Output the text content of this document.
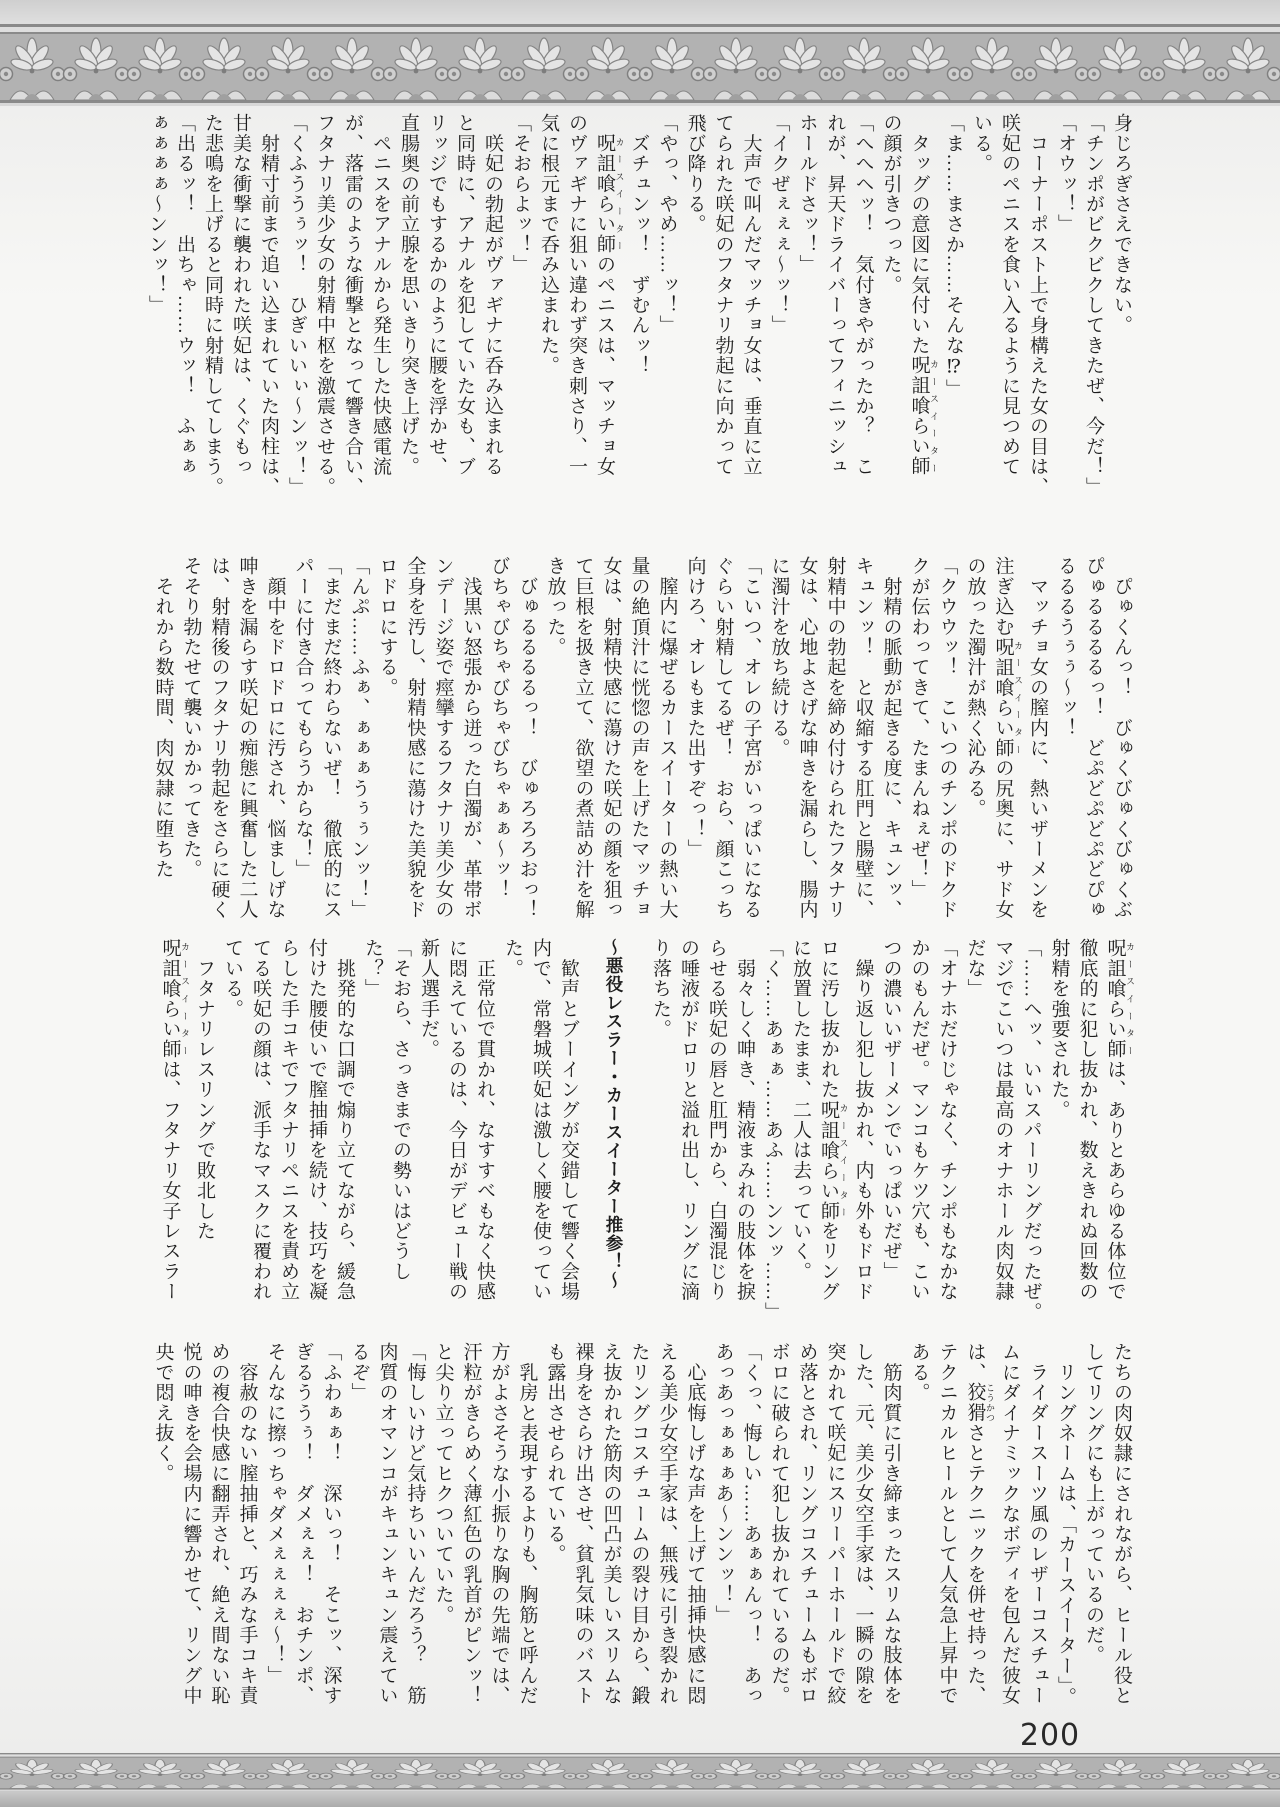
身じろぎさえできない。
「チンポがビクビクしてきたぜ、今だ！」
「オウッ！」
　コーナーポスト上で身構えた女の目は、
咲妃のペニスを食い入るように見つめて
いる。
「ま……まさか……そんな⁉」
　タッグの意図に気付いた呪詛喰らい師 カースイーター
の顔が引きつった。
「へへヘッ！　気付きやがったか？　こ
れが、昇天ドライバーってフィニッシュ
ホールドさッ！」
「イクぜぇぇぇ～ッ！」
　大声で叫んだマッチョ女は、垂直に立
てられた咲妃のフタナリ勃起に向かって
飛び降りる。
「やっ、やめ……ッ！」
　ズチュンッ！　ずむんッ！
　呪詛喰らい師 カースイーターのペニスは、マッチョ女
のヴァギナに狙い違わず突き刺さり、一
気に根元まで呑み込まれた。
「そおらよッ！」
　咲妃の勃起がヴァギナに呑み込まれる
と同時に、アナルを犯していた女も、ブ
リッジでもするかのように腰を浮かせ、
直腸奥の前立腺を思いきり突き上げた。
　ペニスをアナルから発生した快感電流
が、落雷のような衝撃となって響き合い、
フタナリ美少女の射精中枢を激震させる。
「くふううぅッ！　ひぎいいぃ～ンッ！」
　射精寸前まで追い込まれていた肉柱は、
甘美な衝撃に襲われた咲妃は、くぐもっ
た悲鳴を上げると同時に射精してしまう。
「出るッ！　出ちゃ……ウッ！　ふぁぁ
ぁぁぁぁ～ンンッ！」
　ぴゅくんっ！　びゅくびゅくびゅくぶ
ぴゅるるるるっ！　どぷどぷどぷどぴゅ
るるるうぅぅ～ッ！
　マッチョ女の膣内に、熱いザーメンを
注ぎ込む呪詛喰らい師 カースイーターの尻奥に、サド女
の放った濁汁が熱く沁みる。
「クウウッ！　こいつのチンポのドクド
クが伝わってきて、たまんねぇぜ！」
　射精の脈動が起きる度に、キュンッ、
キュンッ！　と収縮する肛門と腸壁に、
射精中の勃起を締め付けられたフタナリ
女は、心地よさげな呻きを漏らし、腸内
に濁汁を放ち続ける。
「こいつ、オレの子宮がいっぱいになる
ぐらい射精してるぜ！　おら、顔こっち
向けろ、オレもまた出すぞっ！」
　膣内に爆ぜるカースイーターの熱い大
量の絶頂汁に恍惚の声を上げたマッチョ
女は、射精快感に蕩けた咲妃の顔を狙っ
て巨根を扱き立て、欲望の煮詰め汁を解
き放った。
　びゅるるるるっ！　びゅろろろおっ！
びちゃびちゃびちゃびちゃぁぁ～ッ！
　浅黒い怒張から迸った白濁が、革帯ボ
ンデージ姿で痙攣するフタナリ美少女の
全身を汚し、射精快感に蕩けた美貌をド
ロドロにする。
「んぷ……ふぁ、ぁぁぁうぅぅンッ！」
「まだまだ終わらないぜ！　徹底的にス
パーに付き合ってもらうからな！」
　顔中をドロドロに汚され、悩ましげな
呻きを漏らす咲妃の痴態に興奮した二人
は、射精後のフタナリ勃起をさらに硬く
そそり勃たせて襲いかかってきた。
　それから数時間、肉奴隷に堕ちた
呪詛喰らい師 カースイーターは、ありとあらゆる体位で
徹底的に犯し抜かれ、数えきれぬ回数の
射精を強要された。
「……ヘッ、いいスパーリングだったぜ。
マジでこいつは最高のオナホール肉奴隷
だな」
「オナホだけじゃなく、チンポもなかな
かのもんだぜ。マンコもケツ穴も、こい
つの濃いいザーメンでいっぱいだぜ」
　繰り返し犯し抜かれ、内も外もドロド
ロに汚し抜かれた呪詛喰らい師 カースイーターをリング
に放置したまま、二人は去っていく。
「く……あぁぁ……あふ……ンンッ……」
　弱々しく呻き、精液まみれの肢体を捩
らせる咲妃の唇と肛門から、白濁混じり
の唾液がドロリと溢れ出し、リングに滴
り落ちた。
～悪役レスラー・カースイーター推参！～
　歓声とブーイングが交錯して響く会場
内で、常磐城咲妃は激しく腰を使ってい
た。
　正常位で貫かれ、なすすべもなく快感
に悶えているのは、今日がデビュー戦の
新人選手だ。
「そおら、さっきまでの勢いはどうし
た？」
　挑発的な口調で煽り立てながら、緩急
付けた腰使いで膣抽挿を続け、技巧を凝
らした手コキでフタナリペニスを責め立
てる咲妃の顔は、派手なマスクに覆われ
ている。
　フタナリレスリングで敗北した
呪詛喰らい師 カースイーターは、フタナリ女子レスラー
たちの肉奴隷にされながら、ヒール役と
してリングにも上がっているのだ。
　リングネームは、「カースイーター」。
　ライダースーツ風のレザーコスチュー
ムにダイナミックなボディを包んだ彼女
は、狡猾 こうかつさとテクニックを併せ持った、
テクニカルヒールとして人気急上昇中で
ある。
　筋肉質に引き締まったスリムな肢体を
した、元、美少女空手家は、一瞬の隙を
突かれて咲妃にスリーパーホールドで絞
め落とされ、リングコスチュームもボロ
ボロに破られて犯し抜かれているのだ。
「くっ、悔しい……あぁぁんっ！　あっ
あっあっぁぁぁあ～ンンッ！」
　心底悔しげな声を上げて抽挿快感に悶
える美少女空手家は、無残に引き裂かれ
たリングコスチュームの裂け目から、鍛
え抜かれた筋肉の凹凸が美しいスリムな
裸身をさらけ出させ、貧乳気味のバスト
も露出させられている。
　乳房と表現するよりも、胸筋と呼んだ
方がよさそうな小振りな胸の先端では、
汗粒がきらめく薄紅色の乳首がピンッ！
と尖り立ってヒクついていた。
「悔しいけど気持ちいいんだろう？　筋
肉質のオマンコがキュンキュン震えてい
るぞ」
「ふわぁぁ！　深いっ！　そこッ、深す
ぎるううぅ！　ダメぇぇ！　おチンポ、
そんなに擦っちゃダメぇぇぇぇ～！」
　容赦のない膣抽挿と、巧みな手コキ責
めの複合快感に翻弄され、絶え間ない恥
悦の呻きを会場内に響かせて、リング中
央で悶え抜く。
200
